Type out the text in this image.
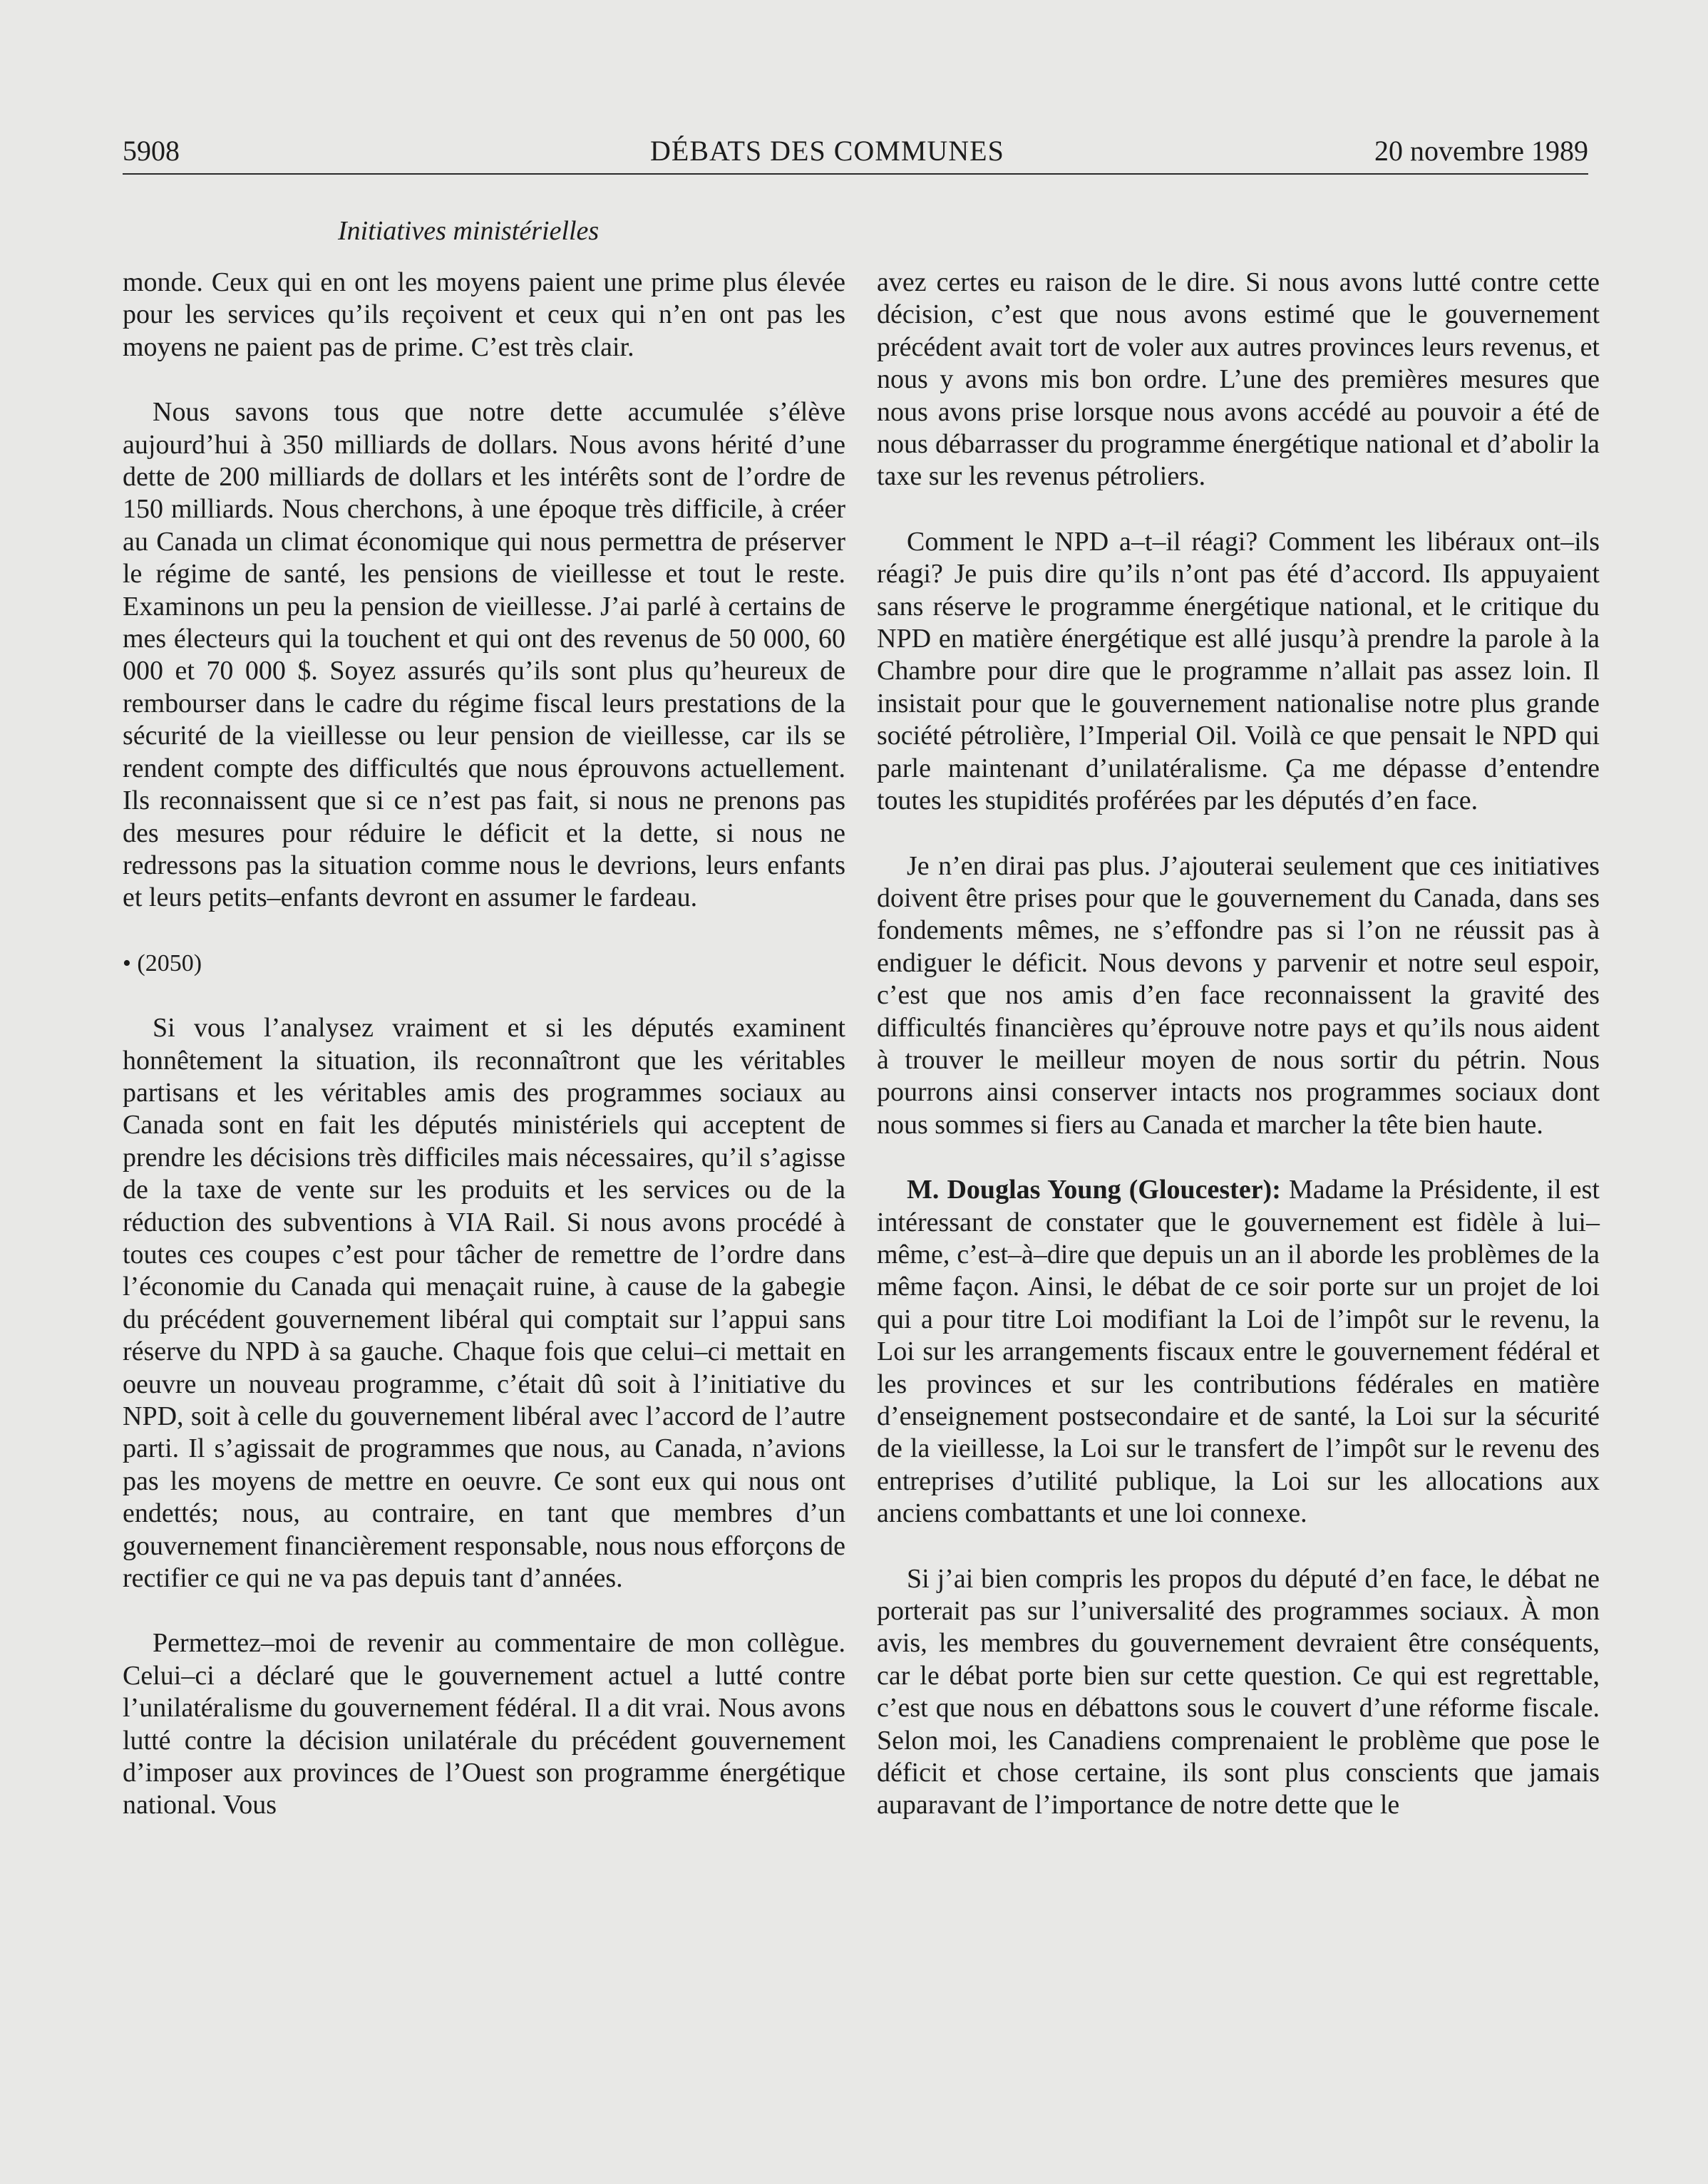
5908	DÉBATS DES COMMUNES	20 novembre 1989
Initiatives ministérielles

monde. Ceux qui en ont les moyens paient une prime plus élevée pour les services qu’ils reçoivent et ceux qui n’en ont pas les moyens ne paient pas de prime. C’est très clair.

Nous savons tous que notre dette accumulée s’élève aujourd’hui à 350 milliards de dollars. Nous avons hérité d’une dette de 200 milliards de dollars et les intérêts sont de l’ordre de 150 milliards. Nous cherchons, à une époque très difficile, à créer au Canada un climat économique qui nous permettra de préserver le régime de santé, les pensions de vieillesse et tout le reste. Examinons un peu la pension de vieillesse. J’ai parlé à certains de mes électeurs qui la touchent et qui ont des revenus de 50 000, 60 000 et 70 000 $. Soyez assurés qu’ils sont plus qu’heureux de rembourser dans le cadre du régime fiscal leurs prestations de la sécurité de la vieillesse ou leur pension de vieillesse, car ils se rendent compte des difficultés que nous éprouvons actuellement. Ils reconnaissent que si ce n’est pas fait, si nous ne prenons pas des mesures pour réduire le déficit et la dette, si nous ne redressons pas la situation comme nous le devrions, leurs enfants et leurs petits–enfants devront en assumer le fardeau.

• (2050)

Si vous l’analysez vraiment et si les députés examinent honnêtement la situation, ils reconnaîtront que les véritables partisans et les véritables amis des programmes sociaux au Canada sont en fait les députés ministériels qui acceptent de prendre les décisions très difficiles mais nécessaires, qu’il s’agisse de la taxe de vente sur les produits et les services ou de la réduction des subventions à VIA Rail. Si nous avons procédé à toutes ces coupes c’est pour tâcher de remettre de l’ordre dans l’économie du Canada qui menaçait ruine, à cause de la gabegie du précédent gouvernement libéral qui comptait sur l’appui sans réserve du NPD à sa gauche. Chaque fois que celui–ci mettait en oeuvre un nouveau programme, c’était dû soit à l’initiative du NPD, soit à celle du gouvernement libéral avec l’accord de l’autre parti. Il s’agissait de programmes que nous, au Canada, n’avions pas les moyens de mettre en oeuvre. Ce sont eux qui nous ont endettés; nous, au contraire, en tant que membres d’un gouvernement financièrement responsable, nous nous efforçons de rectifier ce qui ne va pas depuis tant d’années.

Permettez–moi de revenir au commentaire de mon collègue. Celui–ci a déclaré que le gouvernement actuel a lutté contre l’unilatéralisme du gouvernement fédéral. Il a dit vrai. Nous avons lutté contre la décision unilatérale du précédent gouvernement d’imposer aux provinces de l’Ouest son programme énergétique national. Vous

avez certes eu raison de le dire. Si nous avons lutté contre cette décision, c’est que nous avons estimé que le gouvernement précédent avait tort de voler aux autres provinces leurs revenus, et nous y avons mis bon ordre. L’une des premières mesures que nous avons prise lorsque nous avons accédé au pouvoir a été de nous débarrasser du programme énergétique national et d’abolir la taxe sur les revenus pétroliers.

Comment le NPD a–t–il réagi? Comment les libéraux ont–ils réagi? Je puis dire qu’ils n’ont pas été d’accord. Ils appuyaient sans réserve le programme énergétique national, et le critique du NPD en matière énergétique est allé jusqu’à prendre la parole à la Chambre pour dire que le programme n’allait pas assez loin. Il insistait pour que le gouvernement nationalise notre plus grande société pétrolière, l’Imperial Oil. Voilà ce que pensait le NPD qui parle maintenant d’unilatéralisme. Ça me dépasse d’entendre toutes les stupidités proférées par les députés d’en face.

Je n’en dirai pas plus. J’ajouterai seulement que ces initiatives doivent être prises pour que le gouvernement du Canada, dans ses fondements mêmes, ne s’effondre pas si l’on ne réussit pas à endiguer le déficit. Nous devons y parvenir et notre seul espoir, c’est que nos amis d’en face reconnaissent la gravité des difficultés financières qu’éprouve notre pays et qu’ils nous aident à trouver le meilleur moyen de nous sortir du pétrin. Nous pourrons ainsi conserver intacts nos programmes sociaux dont nous sommes si fiers au Canada et marcher la tête bien haute.

M. Douglas Young (Gloucester): Madame la Présidente, il est intéressant de constater que le gouvernement est fidèle à lui–même, c’est–à–dire que depuis un an il aborde les problèmes de la même façon. Ainsi, le débat de ce soir porte sur un projet de loi qui a pour titre Loi modifiant la Loi de l’impôt sur le revenu, la Loi sur les arrangements fiscaux entre le gouvernement fédéral et les provinces et sur les contributions fédérales en matière d’enseignement postsecondaire et de santé, la Loi sur la sécurité de la vieillesse, la Loi sur le transfert de l’impôt sur le revenu des entreprises d’utilité publique, la Loi sur les allocations aux anciens combattants et une loi connexe.

Si j’ai bien compris les propos du député d’en face, le débat ne porterait pas sur l’universalité des programmes sociaux. À mon avis, les membres du gouvernement devraient être conséquents, car le débat porte bien sur cette question. Ce qui est regrettable, c’est que nous en débattons sous le couvert d’une réforme fiscale. Selon moi, les Canadiens comprenaient le problème que pose le déficit et chose certaine, ils sont plus conscients que jamais auparavant de l’importance de notre dette que le
